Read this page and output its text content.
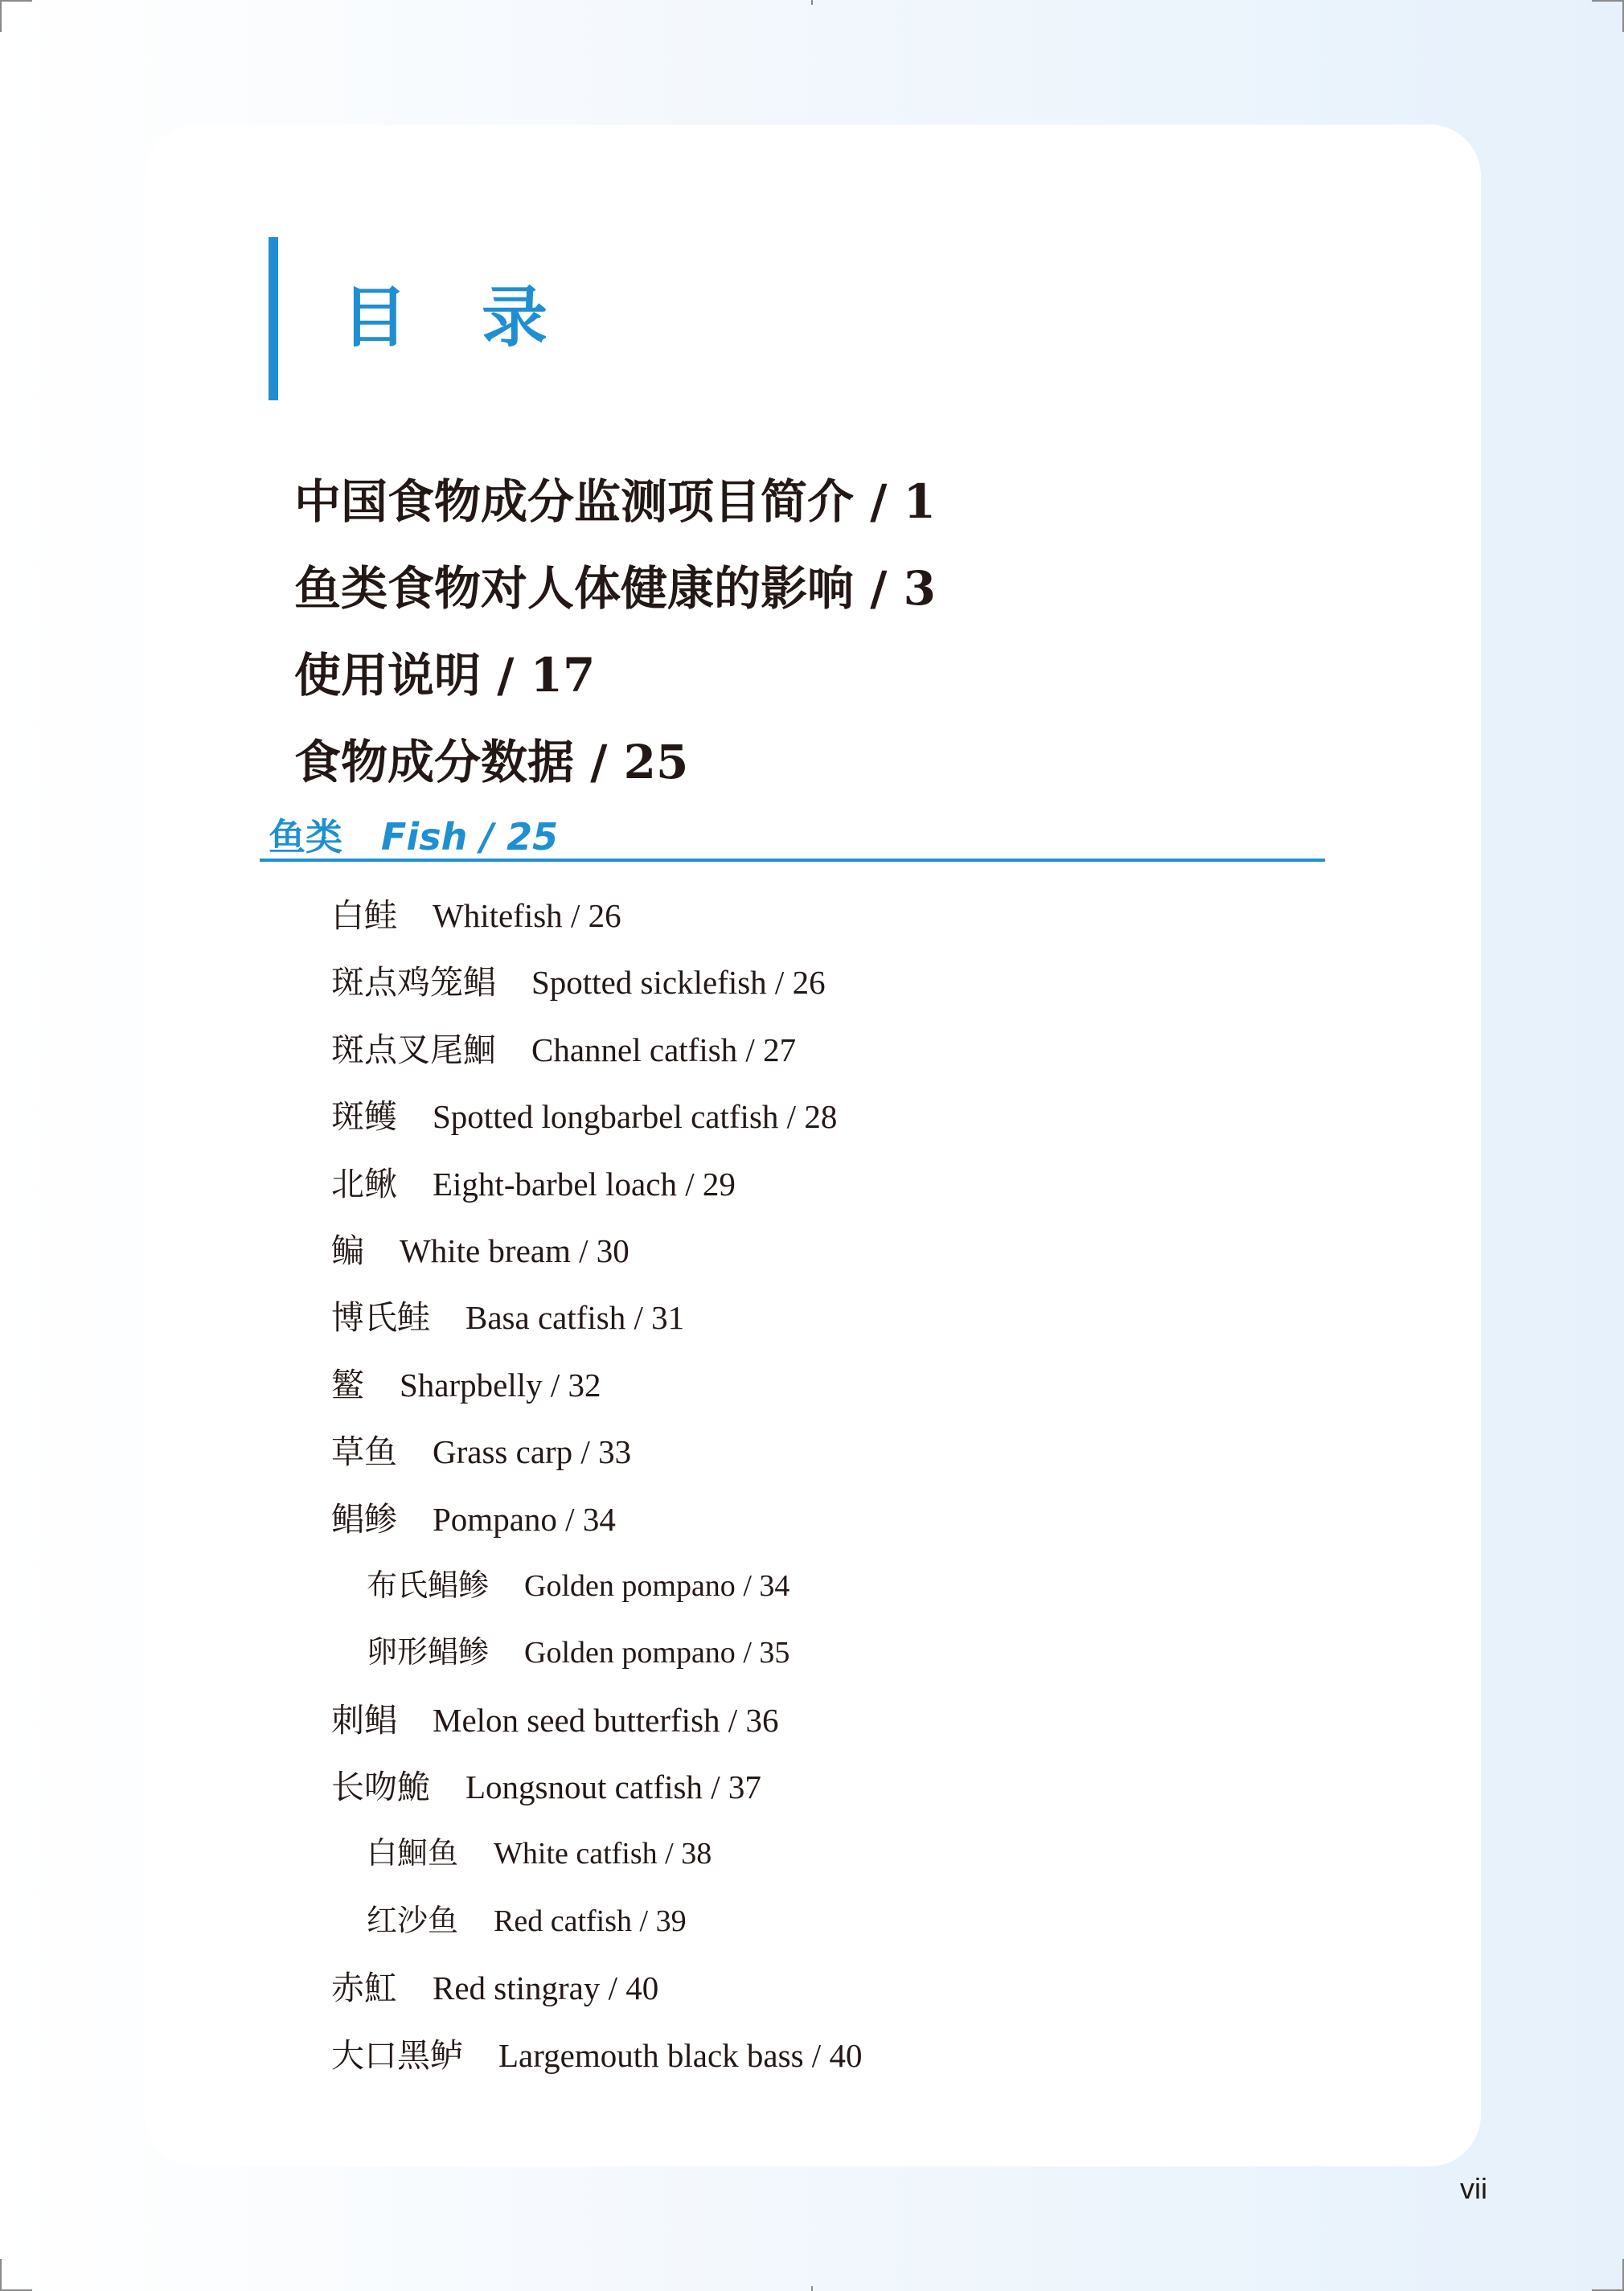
目 录
中国食物成分监测项目简介 / 1
鱼类食物对人体健康的影响 / 3
使用说明 / 17
食物成分数据 / 25
鱼类 Fish / 25
白鲑 Whitefish / 26
斑点鸡笼鲳 Spotted sicklefish / 26
斑点叉尾鮰 Channel catfish / 27
斑鳠 Spotted longbarbel catfish / 28
北鳅 Eight-barbel loach / 29
鳊 White bream / 30
博氏鲑 Basa catfish / 31
鳘 Sharpbelly / 32
草鱼 Grass carp / 33
鲳鲹 Pompano / 34
布氏鲳鲹 Golden pompano / 34
卵形鲳鲹 Golden pompano / 35
刺鲳 Melon seed butterfish / 36
长吻鮠 Longsnout catfish / 37
白鮰鱼 White catfish / 38
红沙鱼 Red catfish / 39
赤魟 Red stingray / 40
大口黑鲈 Largemouth black bass / 40
vii
